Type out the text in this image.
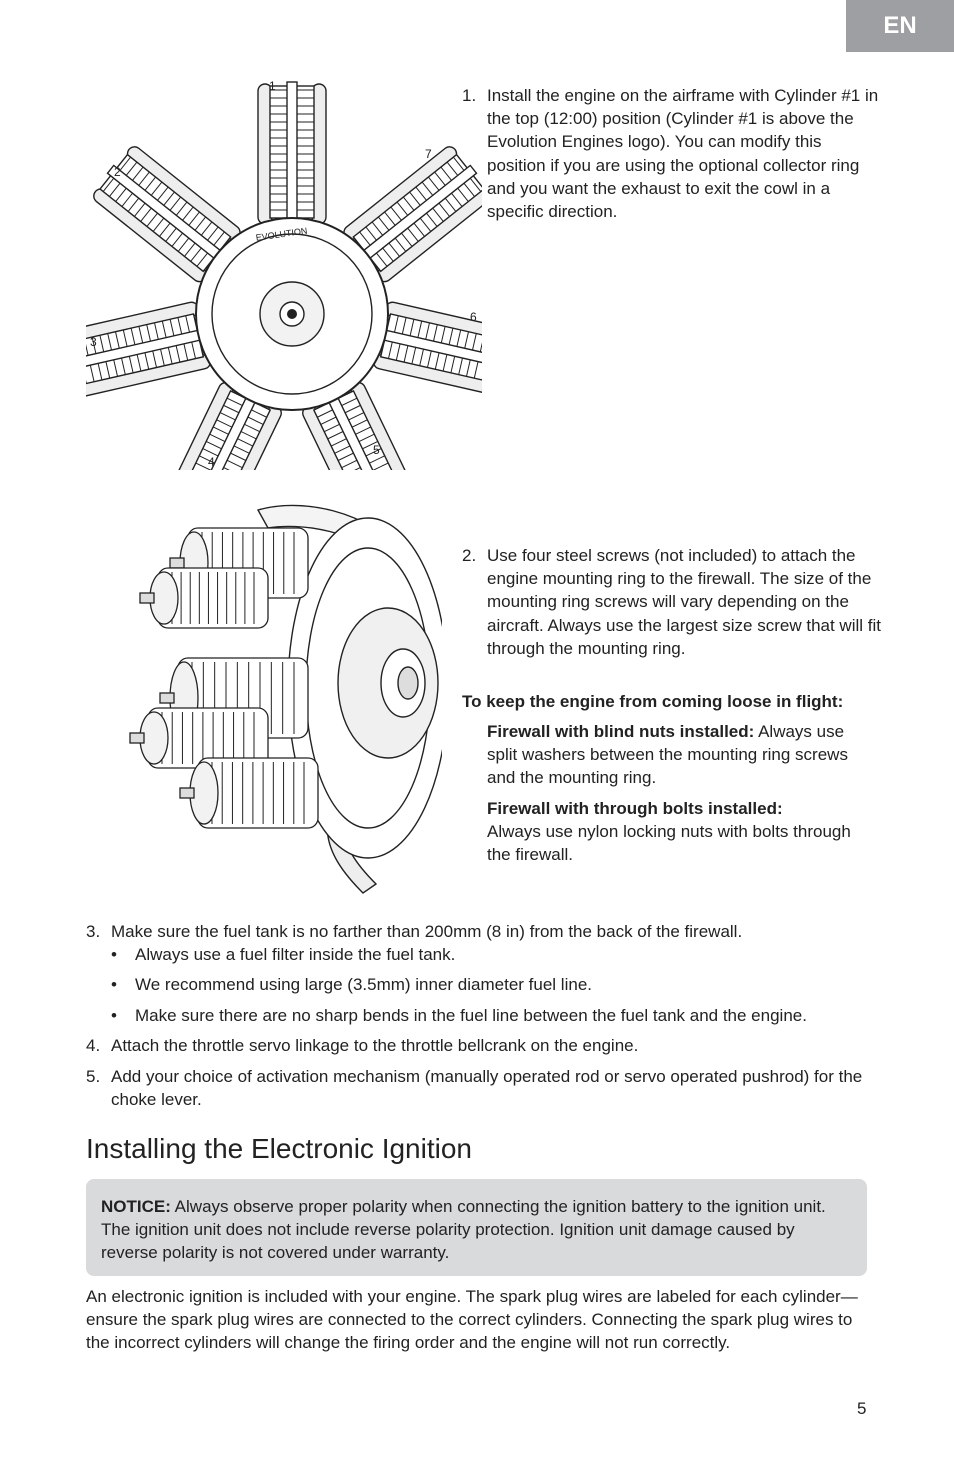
EN
EVOLUTION
1
2
3
4
5
6
7
1. Install the engine on the airframe with Cylinder #1 in the top (12:00) position (Cylinder #1 is above the Evolution Engines logo). You can modify this position if you are using the optional collector ring and you want the exhaust to exit the cowl in a specific direction.
2. Use four steel screws (not included) to attach the engine mounting ring to the firewall. The size of the mounting ring screws will vary depending on the aircraft. Always use the largest size screw that will fit through the mounting ring.
To keep the engine from coming loose in flight:
Firewall with blind nuts installed: Always use split washers between the mounting ring screws and the mounting ring.
Firewall with through bolts installed:
Always use nylon locking nuts with bolts through the firewall.
3. Make sure the fuel tank is no farther than 200mm (8 in) from the back of the firewall.
• Always use a fuel filter inside the fuel tank.
• We recommend using large (3.5mm) inner diameter fuel line.
• Make sure there are no sharp bends in the fuel line between the fuel tank and the engine.
4. Attach the throttle servo linkage to the throttle bellcrank on the engine.
5. Add your choice of activation mechanism (manually operated rod or servo operated pushrod) for the choke lever.
Installing the Electronic Ignition
NOTICE: Always observe proper polarity when connecting the ignition battery to the ignition unit. The ignition unit does not include reverse polarity protection. Ignition unit damage caused by reverse polarity is not covered under warranty.
An electronic ignition is included with your engine. The spark plug wires are labeled for each cylinder—ensure the spark plug wires are connected to the correct cylinders. Connecting the spark plug wires to the incorrect cylinders will change the firing order and the engine will not run correctly.
5
